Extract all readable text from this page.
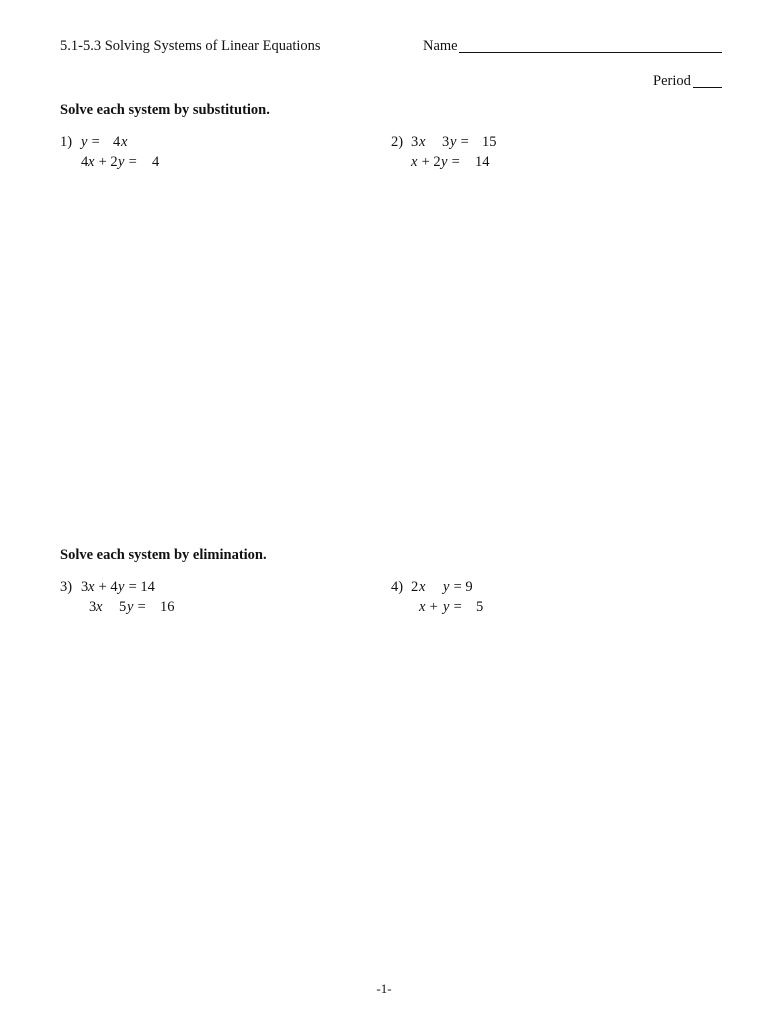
5.1-5.3 Solving Systems of Linear Equations	Name
Period
Solve each system by substitution.
1) y = 4 x
4 x + 2 y = 4
2) 3 x 3 y = 15
x + 2 y = 14
Solve each system by elimination.
3) 3 x + 4 y = 14
3 x 5 y = 16
4) 2 x y = 9
x + y = 5
-1-
